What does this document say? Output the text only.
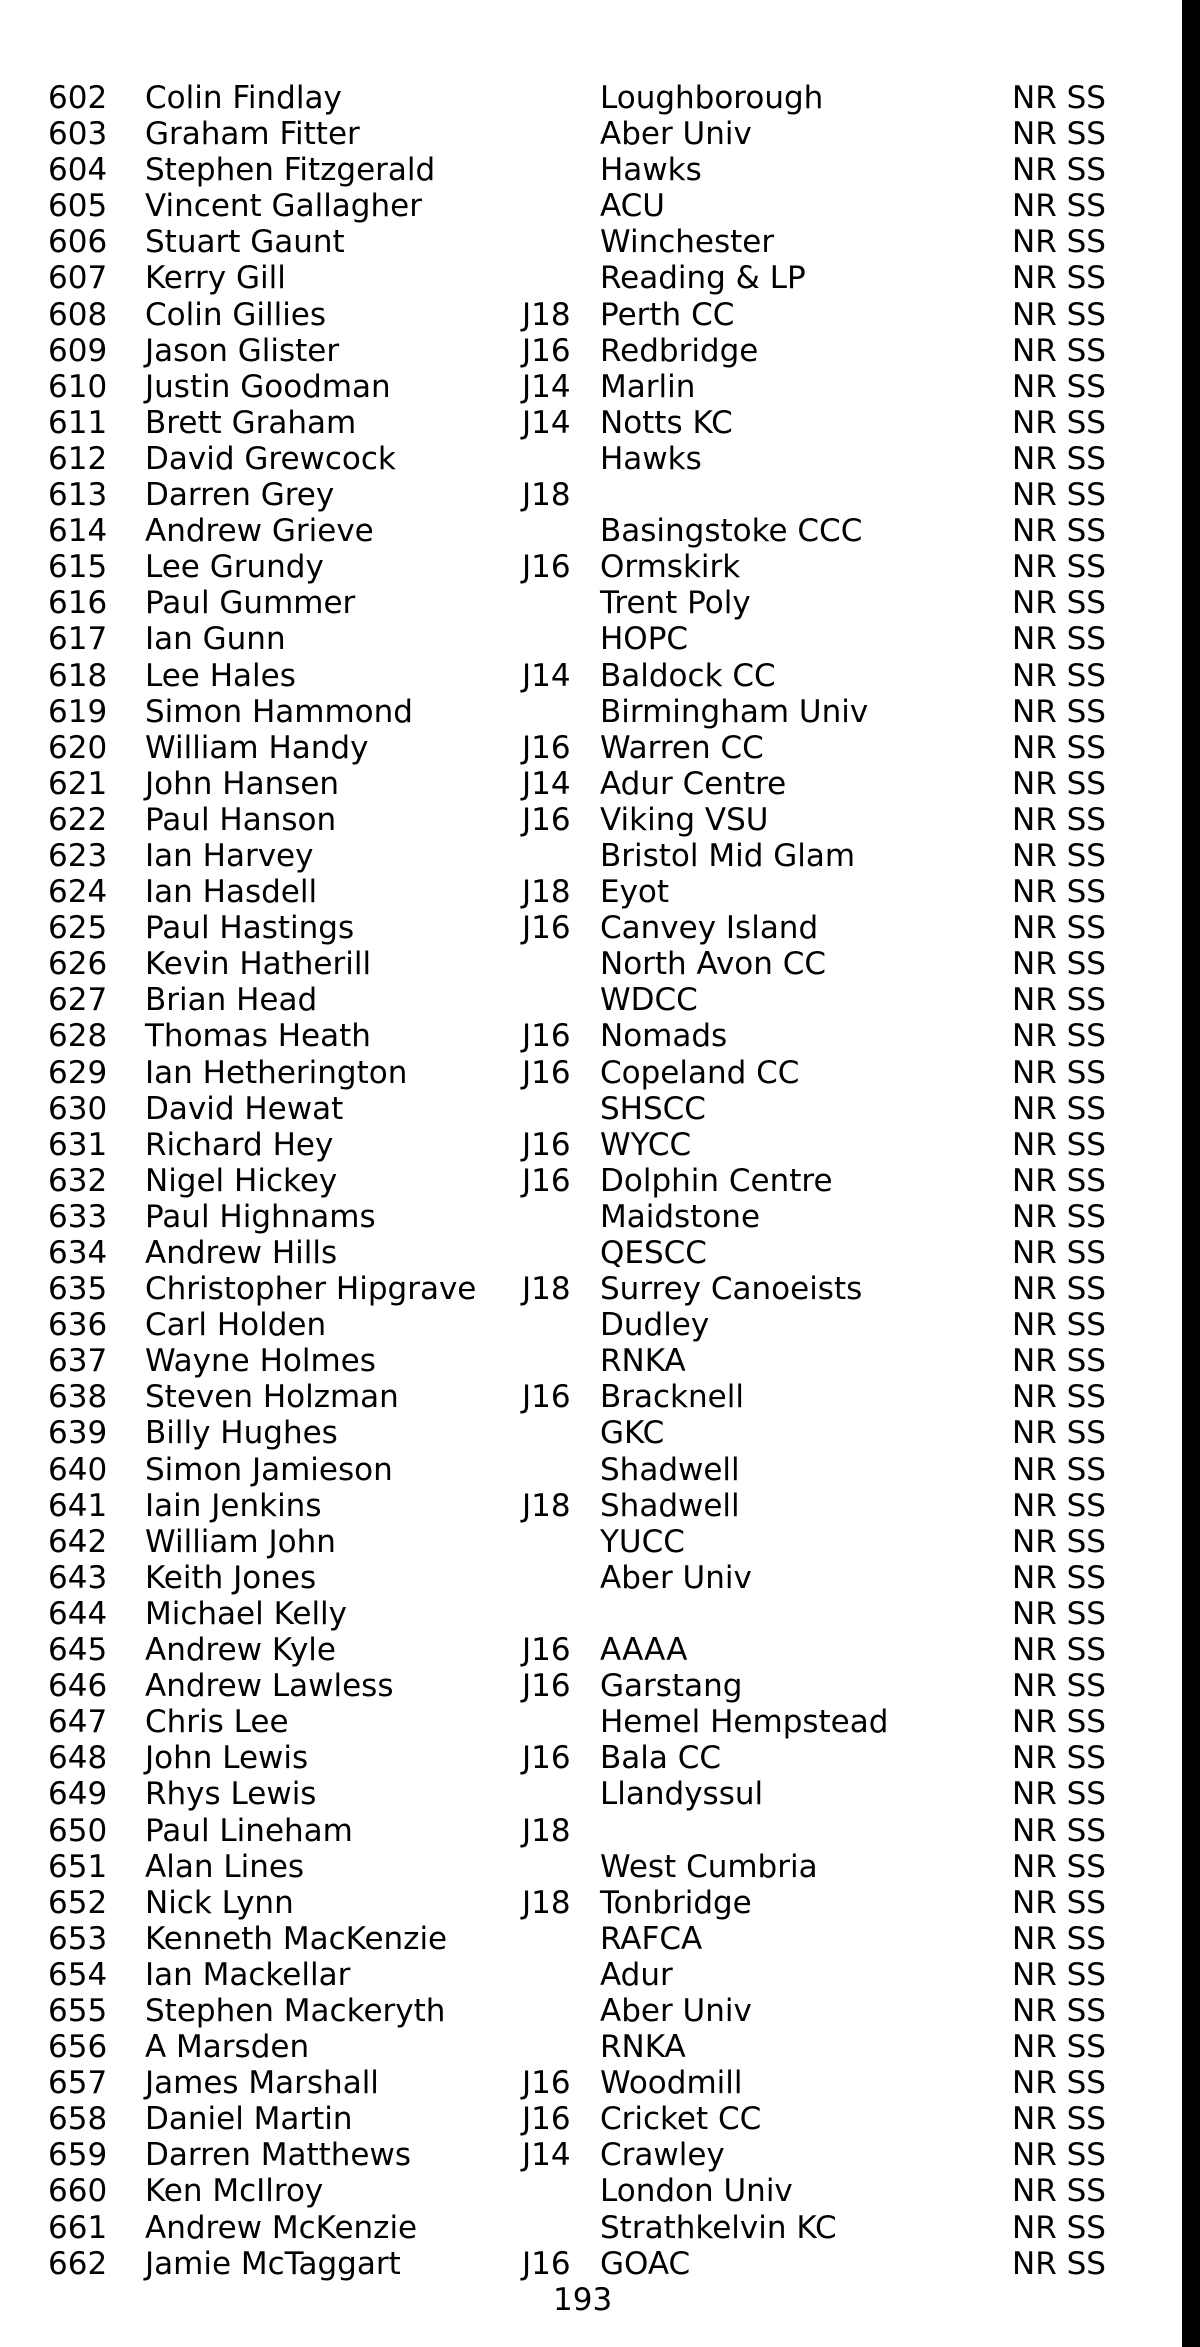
602 Colin Findlay	Loughborough	NR SS
603 Graham Fitter	Aber Univ	NR SS
604 Stephen Fitzgerald	Hawks	NR SS
605 Vincent Gallagher	ACU	NR SS
606 Stuart Gaunt	Winchester	NR SS
607 Kerry Gill	Reading & LP	NR SS
608 Colin Gillies	J18 Perth CC	NR SS
609 Jason Glister	J16 Redbridge	NR SS
610 Justin Goodman	J14 Marlin	NR SS
611 Brett Graham	J14 Notts KC	NR SS
612 David Grewcock	Hawks	NR SS
613 Darren Grey	J18	NR SS
614 Andrew Grieve	Basingstoke CCC	NR SS
615 Lee Grundy	J16 Ormskirk	NR SS
616 Paul Gummer	Trent Poly	NR SS
617 Ian Gunn	HOPC	NR SS
618 Lee Hales	J14 Baldock CC	NR SS
619 Simon Hammond	Birmingham Univ	NR SS
620 William Handy	J16 Warren CC	NR SS
621 John Hansen	J14 Adur Centre	NR SS
622 Paul Hanson	J16 Viking VSU	NR SS
623 Ian Harvey	Bristol Mid Glam	NR SS
624 Ian Hasdell	J18 Eyot	NR SS
625 Paul Hastings	J16 Canvey Island	NR SS
626 Kevin Hatherill	North Avon CC	NR SS
627 Brian Head	WDCC	NR SS
628 Thomas Heath	J16 Nomads	NR SS
629 Ian Hetherington	J16 Copeland CC	NR SS
630 David Hewat	SHSCC	NR SS
631 Richard Hey	J16 WYCC	NR SS
632 Nigel Hickey	J16 Dolphin Centre	NR SS
633 Paul Highnams	Maidstone	NR SS
634 Andrew Hills	QESCC	NR SS
635 Christopher Hipgrave J18 Surrey Canoeists	NR SS
636 Carl Holden	Dudley	NR SS
637 Wayne Holmes	RNKA	NR SS
638 Steven Holzman	J16 Bracknell	NR SS
639 Billy Hughes	GKC	NR SS
640 Simon Jamieson	Shadwell	NR SS
641 Iain Jenkins	J18 Shadwell	NR SS
642 William John	YUCC	NR SS
643 Keith Jones	Aber Univ	NR SS
644 Michael Kelly	NR SS
645 Andrew Kyle	J16 AAAA	NR SS
646 Andrew Lawless	J16 Garstang	NR SS
647 Chris Lee	Hemel Hempstead	NR SS
648 John Lewis	J16 Bala CC	NR SS
649 Rhys Lewis	Llandyssul	NR SS
650 Paul Lineham	J18	NR SS
651 Alan Lines	West Cumbria	NR SS
652 Nick Lynn	J18 Tonbridge	NR SS
653 Kenneth MacKenzie	RAFCA	NR SS
654 Ian Mackellar	Adur	NR SS
655 Stephen Mackeryth	Aber Univ	NR SS
656 A Marsden	RNKA	NR SS
657 James Marshall	J16 Woodmill	NR SS
658 Daniel Martin	J16 Cricket CC	NR SS
659 Darren Matthews	J14 Crawley	NR SS
660 Ken McIlroy	London Univ	NR SS
661 Andrew McKenzie	Strathkelvin KC	NR SS
662 Jamie McTaggart	J16 GOAC	NR SS
193
